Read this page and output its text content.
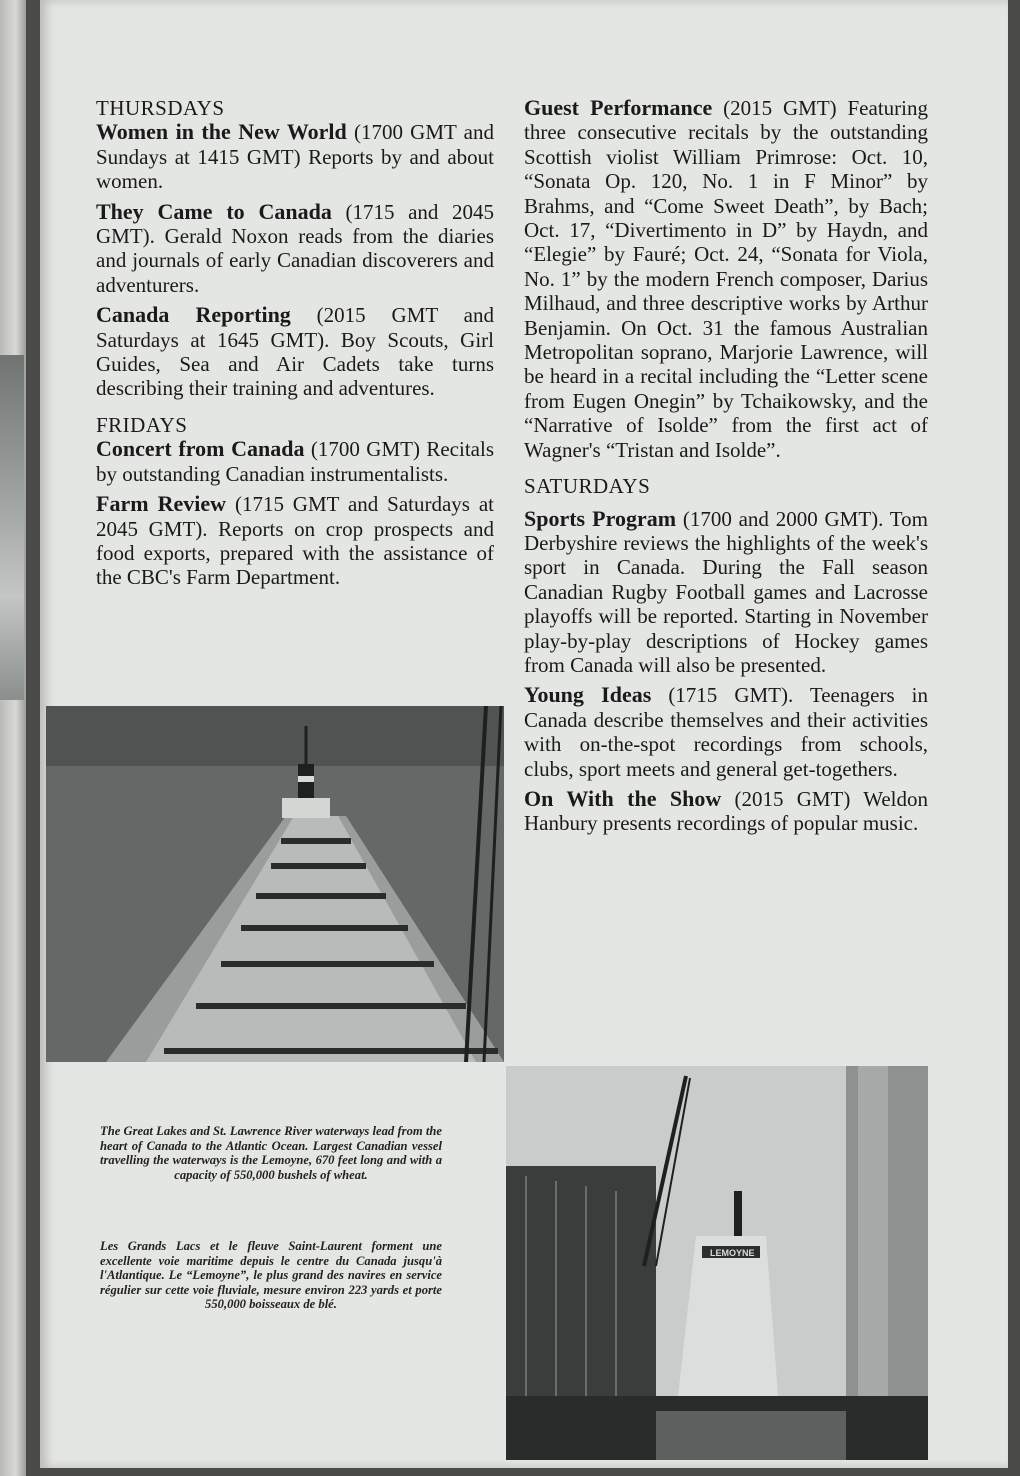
THURSDAYS

Women in the New World (1700 GMT and Sundays at 1415 GMT) Reports by and about women.

They Came to Canada (1715 and 2045 GMT). Gerald Noxon reads from the diaries and journals of early Canadian discoverers and adventurers.

Canada Reporting (2015 GMT and Saturdays at 1645 GMT). Boy Scouts, Girl Guides, Sea and Air Cadets take turns describing their training and adventures.

FRIDAYS

Concert from Canada (1700 GMT) Recitals by outstanding Canadian instrumentalists.

Farm Review (1715 GMT and Saturdays at 2045 GMT). Reports on crop prospects and food exports, prepared with the assistance of the CBC's Farm Department.

Guest Performance (2015 GMT) Featuring three consecutive recitals by the outstanding Scottish violist William Primrose: Oct. 10, “Sonata Op. 120, No. 1 in F Minor” by Brahms, and “Come Sweet Death”, by Bach; Oct. 17, “Divertimento in D” by Haydn, and “Elegie” by Fauré; Oct. 24, “Sonata for Viola, No. 1” by the modern French composer, Darius Milhaud, and three descriptive works by Arthur Benjamin. On Oct. 31 the famous Australian Metropolitan soprano, Marjorie Lawrence, will be heard in a recital including the “Letter scene from Eugen Onegin” by Tchaikowsky, and the “Narrative of Isolde” from the first act of Wagner's “Tristan and Isolde”.

SATURDAYS

Sports Program (1700 and 2000 GMT). Tom Derbyshire reviews the highlights of the week's sport in Canada. During the Fall season Canadian Rugby Football games and Lacrosse playoffs will be reported. Starting in November play-by-play descriptions of Hockey games from Canada will also be presented.

Young Ideas (1715 GMT). Teenagers in Canada describe themselves and their activities with on-the-spot recordings from schools, clubs, sport meets and general get-togethers.

On With the Show (2015 GMT) Weldon Hanbury presents recordings of popular music.

The Great Lakes and St. Lawrence River waterways lead from the heart of Canada to the Atlantic Ocean. Largest Canadian vessel travelling the waterways is the Lemoyne, 670 feet long and with a capacity of 550,000 bushels of wheat.
Les Grands Lacs et le fleuve Saint-Laurent forment une excellente voie maritime depuis le centre du Canada jusqu'à l'Atlantique. Le “Lemoyne”, le plus grand des navires en service régulier sur cette voie fluviale, mesure environ 223 yards et porte 550,000 boisseaux de blé.
LEMOYNE
